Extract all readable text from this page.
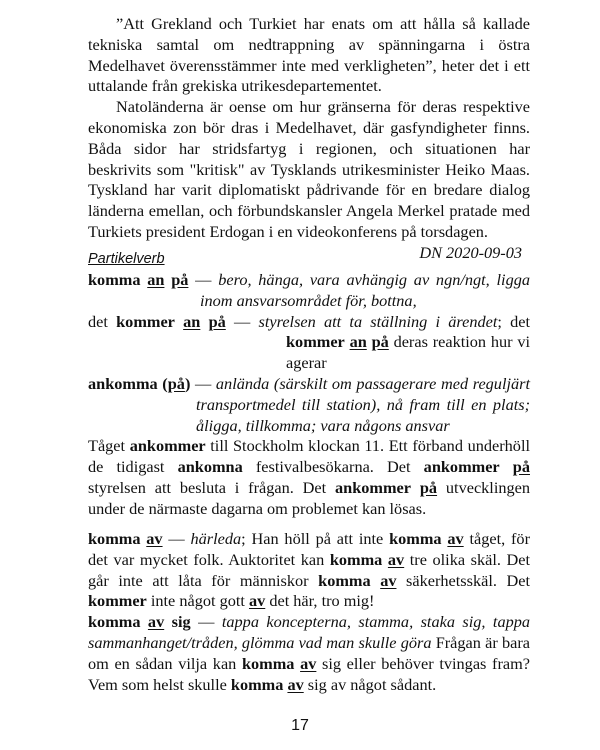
”Att Grekland och Turkiet har enats om att hålla så kallade tekniska samtal om nedtrappning av spänningarna i östra Medelhavet överensstämmer inte med verkligheten”, heter det i ett uttalande från grekiska utrikesdepartementet.

Natoländerna är oense om hur gränserna för deras respektive ekonomiska zon bör dras i Medelhavet, där gasfyndigheter finns. Båda sidor har stridsfartyg i regionen, och situationen har beskrivits som "kritisk" av Tysklands utrikesminister Heiko Maas. Tyskland har varit diplomatiskt pådrivande för en bredare dialog länderna emellan, och förbundskansler Angela Merkel pratade med Turkiets president Erdogan i en videokonferens på torsdagen.

DN 2020-09-03

Partikelverb

komma an på — bero, hänga, vara avhängig av ngn/ngt, ligga inom ansvarsområdet för, bottna,

det kommer an på — styrelsen att ta ställning i ärendet; det kommer an på deras reaktion hur vi agerar

ankomma (på) — anlända (särskilt om passagerare med reguljärt transportmedel till station), nå fram till en plats; åligga, tillkomma; vara någons ansvar

Tåget ankommer till Stockholm klockan 11. Ett förband underhöll de tidigast ankomna festivalbesökarna. Det ankommer på styrelsen att besluta i frågan. Det ankommer på utvecklingen under de närmaste dagarna om problemet kan lösas.

komma av — härleda; Han höll på att inte komma av tåget, för det var mycket folk. Auktoritet kan komma av tre olika skäl. Det går inte att låta för människor komma av säkerhetsskäl. Det kommer inte något gott av det här, tro mig!

komma av sig — tappa koncepterna, stamma, staka sig, tappa sammanhanget/tråden, glömma vad man skulle göra Frågan är bara om en sådan vilja kan komma av sig eller behöver tvingas fram? Vem som helst skulle komma av sig av något sådant.

17
